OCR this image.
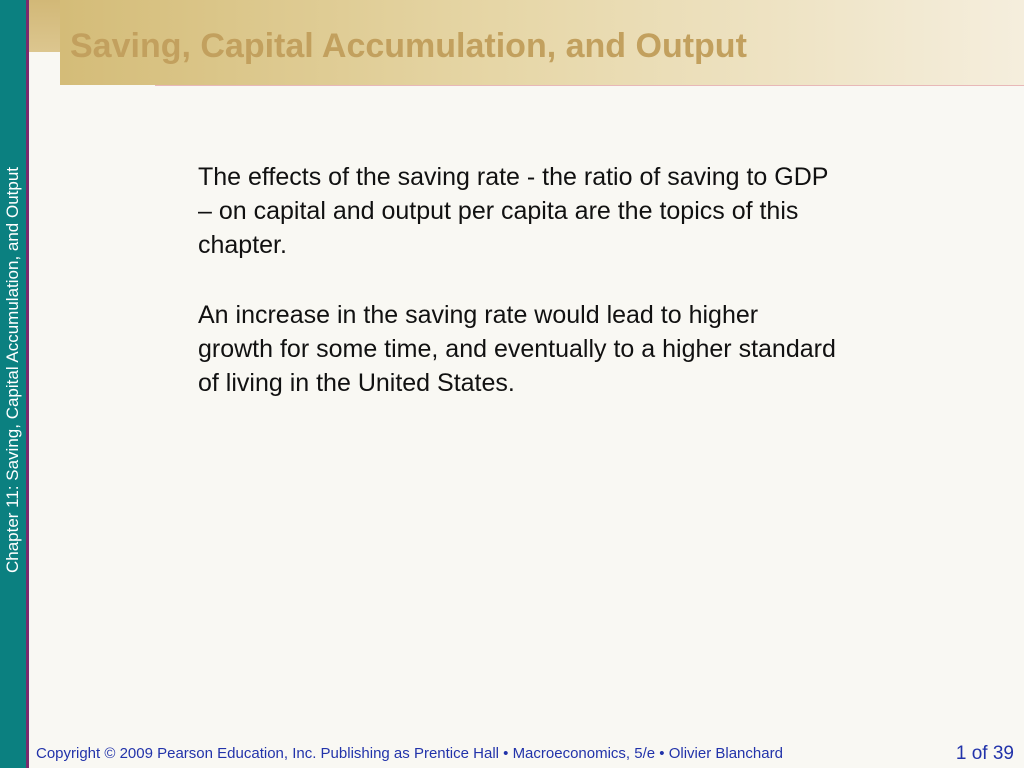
Chapter 11: Saving, Capital Accumulation, and Output
Saving, Capital Accumulation, and Output

The effects of the saving rate - the ratio of saving to GDP – on capital and output per capita are the topics of this chapter.

An increase in the saving rate would lead to higher growth for some time, and eventually to a higher standard of living in the United States.

Copyright © 2009 Pearson Education, Inc. Publishing as Prentice Hall • Macroeconomics, 5/e • Olivier Blanchard	1 of 39
